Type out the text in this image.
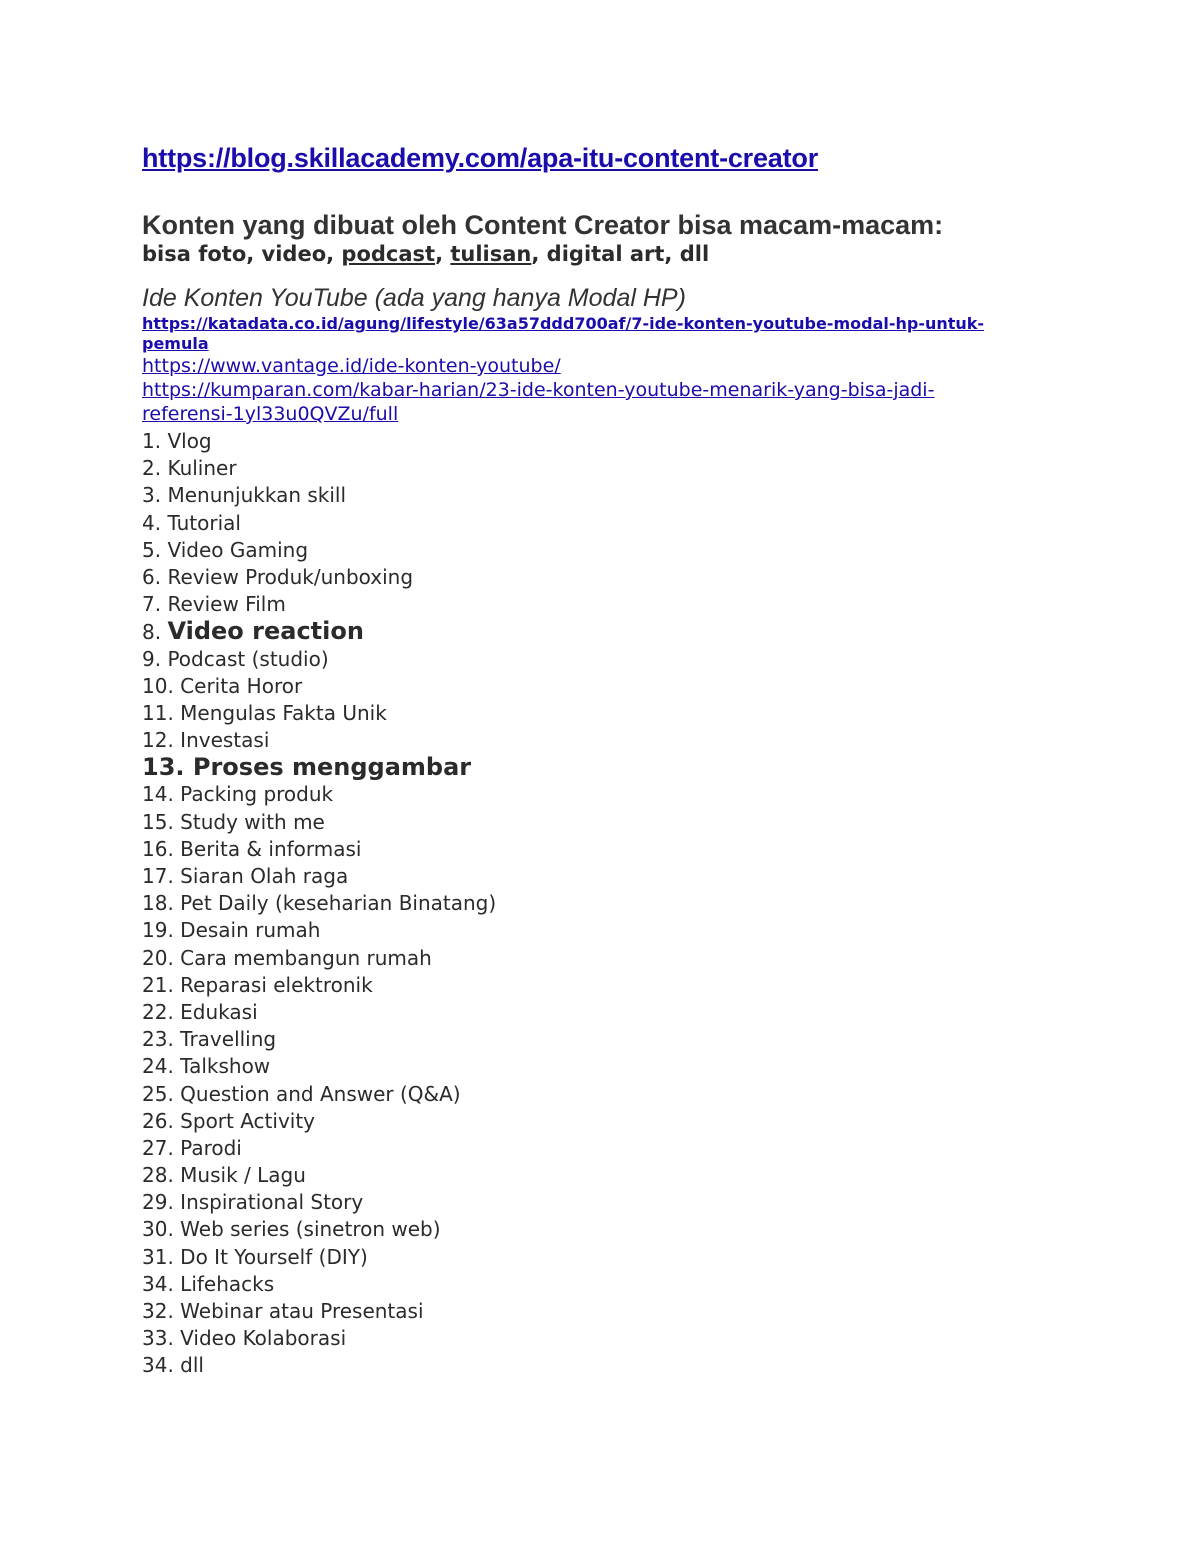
https://blog.skillacademy.com/apa-itu-content-creator
Konten yang dibuat oleh Content Creator bisa macam-macam:
bisa foto, video, podcast, tulisan, digital art, dll
Ide Konten YouTube (ada yang hanya Modal HP)
https://katadata.co.id/agung/lifestyle/63a57ddd700af/7-ide-konten-youtube-modal-hp-untuk-pemula
https://www.vantage.id/ide-konten-youtube/
https://kumparan.com/kabar-harian/23-ide-konten-youtube-menarik-yang-bisa-jadi-referensi-1yl33u0QVZu/full
1. Vlog
2. Kuliner
3. Menunjukkan skill
4. Tutorial
5. Video Gaming
6. Review Produk/unboxing
7. Review Film
8. Video reaction
9. Podcast (studio)
10. Cerita Horor
11. Mengulas Fakta Unik
12. Investasi
13. Proses menggambar
14. Packing produk
15. Study with me
16. Berita & informasi
17. Siaran Olah raga
18. Pet Daily (keseharian Binatang)
19. Desain rumah
20. Cara membangun rumah
21. Reparasi elektronik
22. Edukasi
23. Travelling
24. Talkshow
25. Question and Answer (Q&A)
26. Sport Activity
27. Parodi
28. Musik / Lagu
29. Inspirational Story
30. Web series (sinetron web)
31. Do It Yourself (DIY)
34. Lifehacks
32. Webinar atau Presentasi
33. Video Kolaborasi
34. dll
